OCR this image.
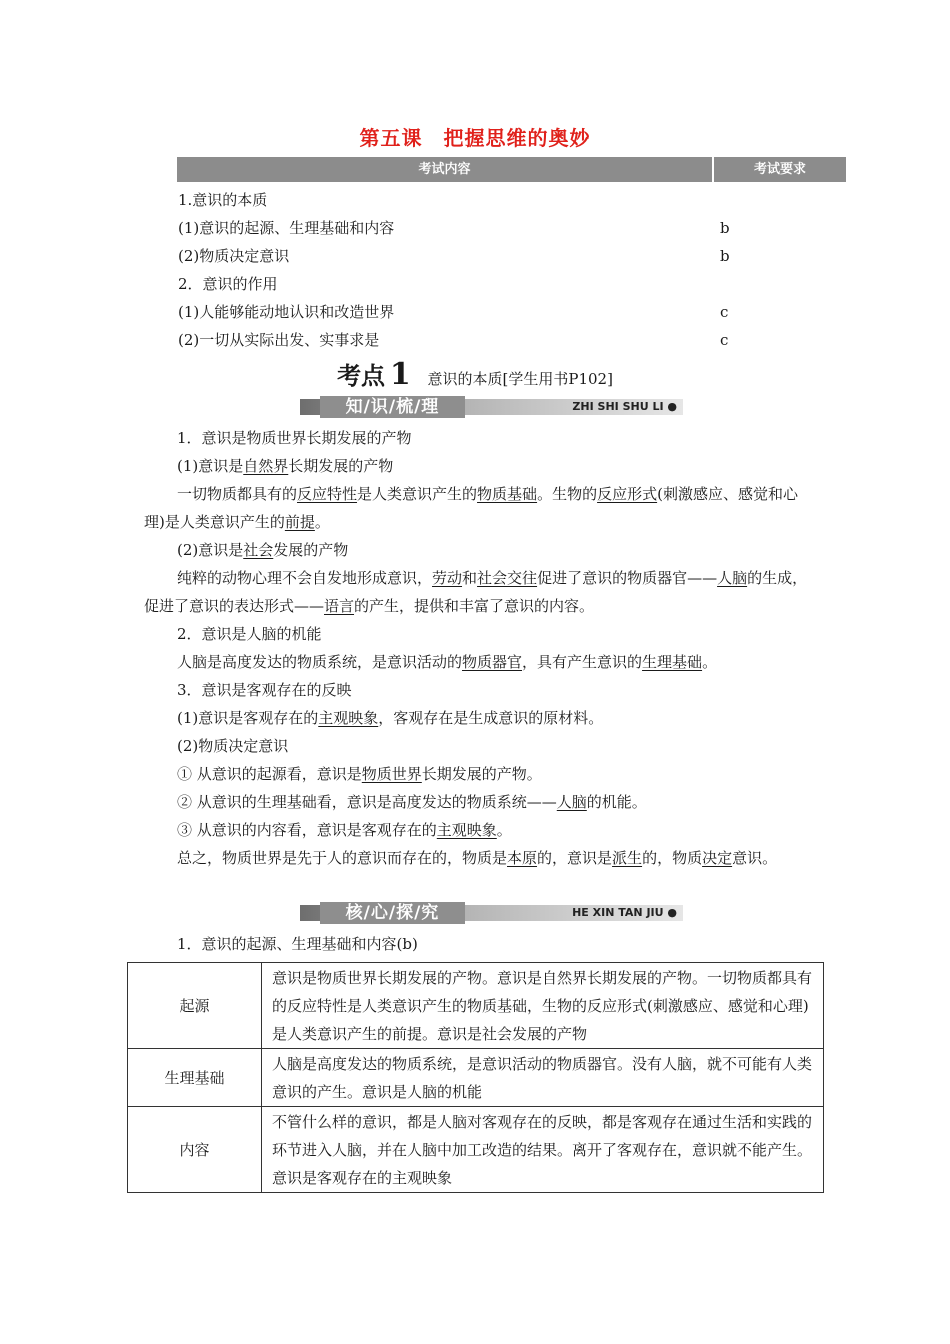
第五课　把握思维的奥妙
考试内容	考试要求
1.意识的本质
(1)意识的起源、生理基础和内容	b
(2)物质决定意识	b
2．意识的作用
(1)人能够能动地认识和改造世界	c
(2)一切从实际出发、实事求是	c
考点 1 意识的本质[学生用书P102]
知/识/梳/理	ZHI SHI SHU LI ●
1．意识是物质世界长期发展的产物
(1)意识是自然界长期发展的产物
一切物质都具有的反应特性是人类意识产生的物质基础。生物的反应形式(刺激感应、感觉和心理)是人类意识产生的前提。
(2)意识是社会发展的产物
纯粹的动物心理不会自发地形成意识，劳动和社会交往促进了意识的物质器官——人脑的生成，促进了意识的表达形式——语言的产生，提供和丰富了意识的内容。
2．意识是人脑的机能
人脑是高度发达的物质系统，是意识活动的物质器官，具有产生意识的生理基础。
3．意识是客观存在的反映
(1)意识是客观存在的主观映象，客观存在是生成意识的原材料。
(2)物质决定意识
① 从意识的起源看，意识是物质世界长期发展的产物。
② 从意识的生理基础看，意识是高度发达的物质系统——人脑的机能。
③ 从意识的内容看，意识是客观存在的主观映象。
总之，物质世界是先于人的意识而存在的，物质是本原的，意识是派生的，物质决定意识。
核/心/探/究	HE XIN TAN JIU ●
1．意识的起源、生理基础和内容(b)
起源	意识是物质世界长期发展的产物。意识是自然界长期发展的产物。一切物质都具有的反应特性是人类意识产生的物质基础，生物的反应形式(刺激感应、感觉和心理)是人类意识产生的前提。意识是社会发展的产物
生理基础	人脑是高度发达的物质系统，是意识活动的物质器官。没有人脑，就不可能有人类意识的产生。意识是人脑的机能
内容	不管什么样的意识，都是人脑对客观存在的反映，都是客观存在通过生活和实践的环节进入人脑，并在人脑中加工改造的结果。离开了客观存在，意识就不能产生。意识是客观存在的主观映象
